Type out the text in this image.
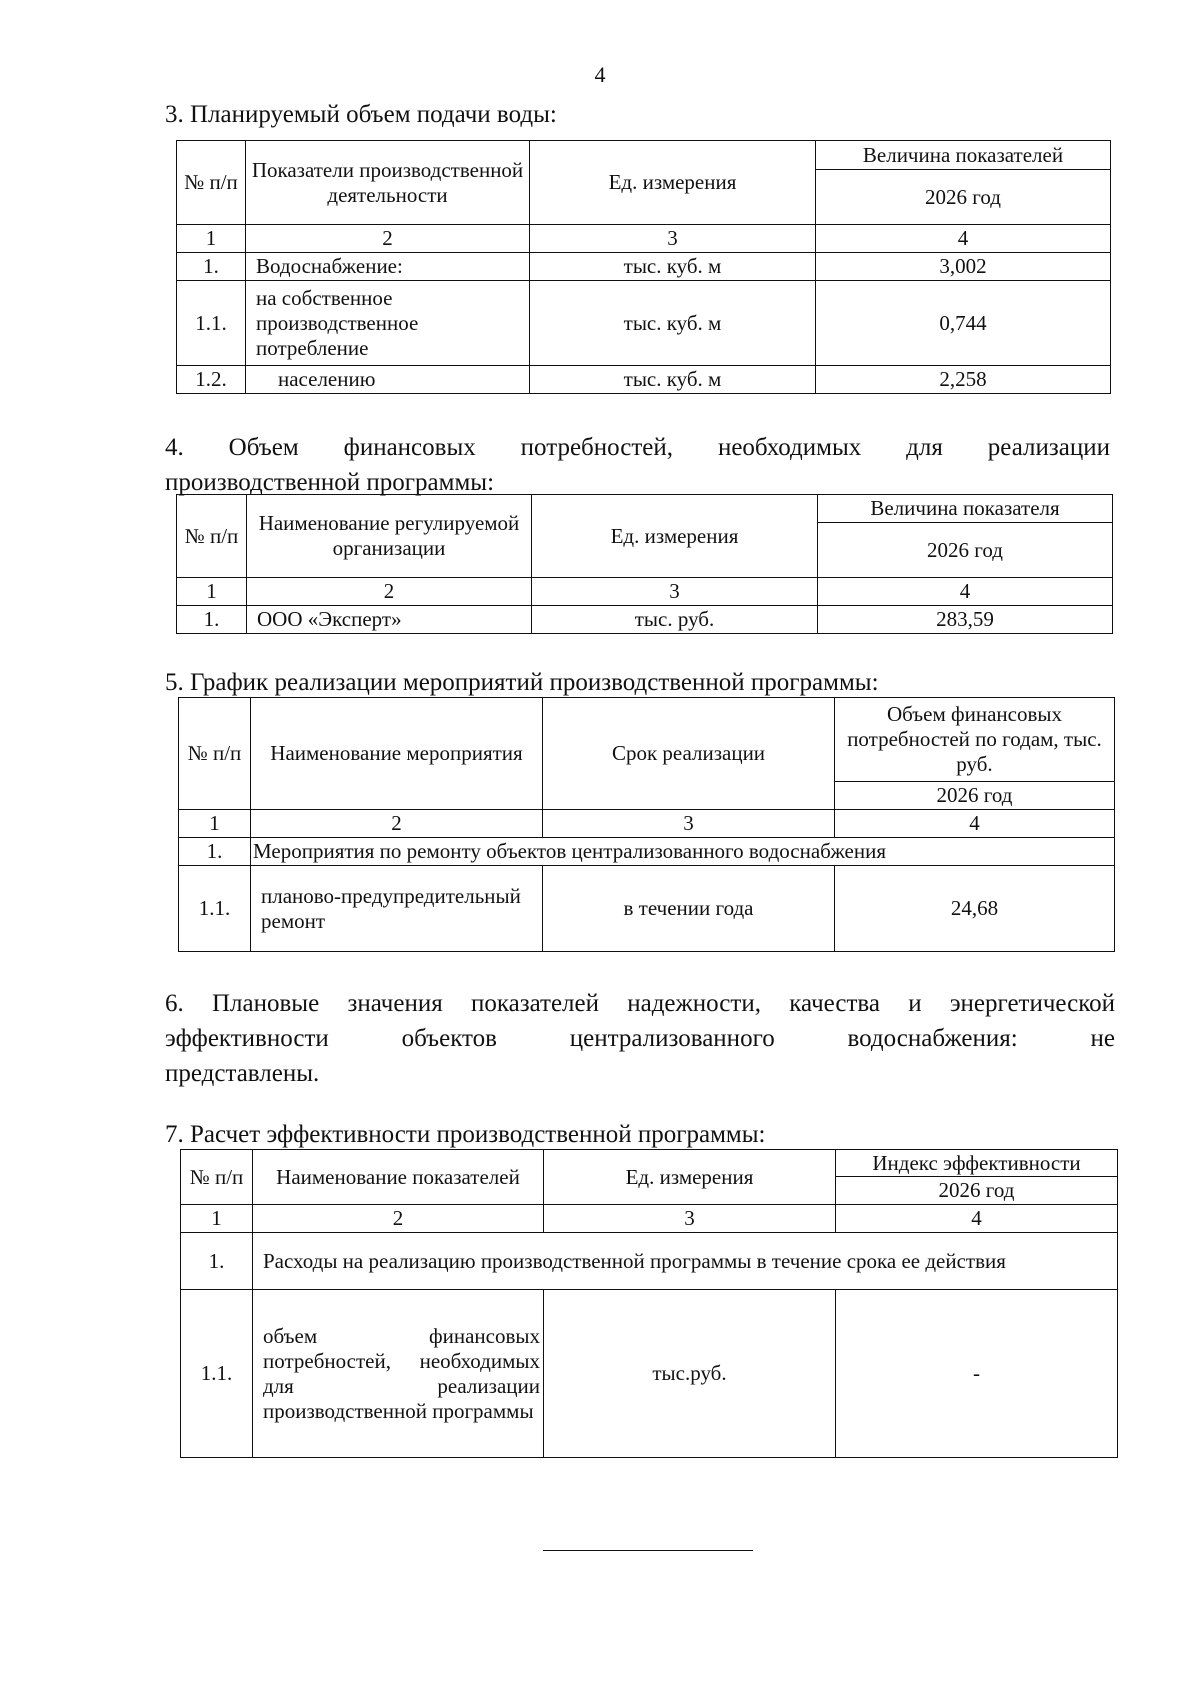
4
3. Планируемый объем подачи воды:
№ п/п	Показатели производственной деятельности	Ед. измерения	Величина показателей
			2026 год
1	2	3	4
1.	Водоснабжение:	тыс. куб. м	3,002
1.1.	на собственное производственное потребление	тыс. куб. м	0,744
1.2.	населению	тыс. куб. м	2,258

4. Объем финансовых потребностей, необходимых для реализации

производственной программы:

№ п/п	Наименование регулируемой организации	Ед. измерения	Величина показателя
			2026 год
1	2	3	4
1.	ООО «Эксперт»	тыс. руб.	283,59
5. График реализации мероприятий производственной программы:
№ п/п	Наименование мероприятия	Срок реализации	Объем финансовых потребностей по годам, тыс. руб.
			2026 год
1	2	3	4
1.	Мероприятия по ремонту объектов централизованного водоснабжения		
1.1.	планово-предупредительный ремонт	в течении года	24,68

6. Плановые значения показателей надежности, качества и энергетической

эффективности объектов централизованного водоснабжения: не

представлены.

7. Расчет эффективности производственной программы:
№ п/п	Наименование показателей	Ед. измерения	Индекс эффективности
			2026 год
1	2	3	4
1.	Расходы на реализацию производственной программы в течение срока ее действия		
1.1.	объем финансовых потребностей, необходимых для реализации производственной программы	тыс.руб.	-
